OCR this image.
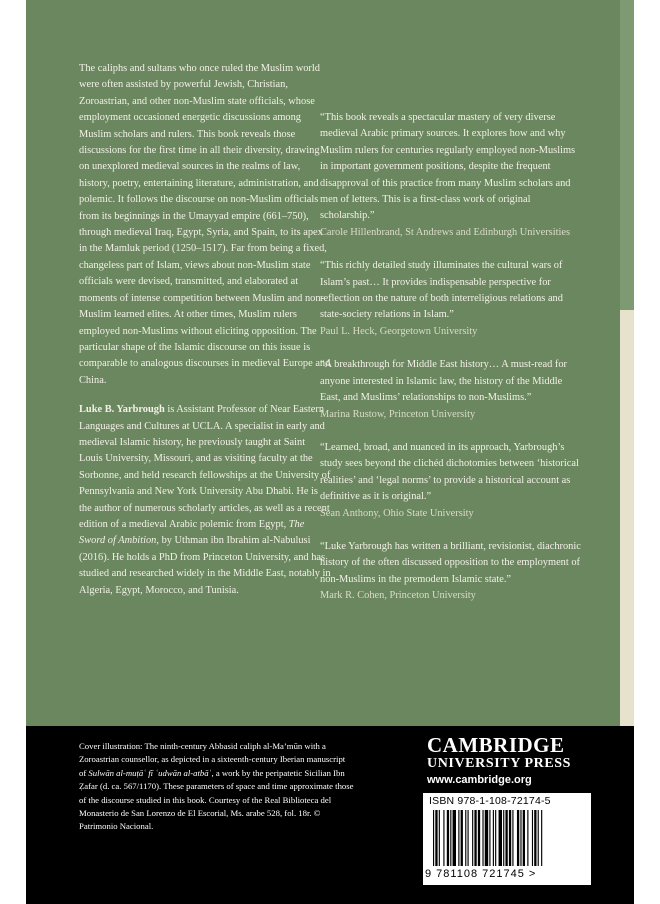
The caliphs and sultans who once ruled the Muslim world were often assisted by powerful Jewish, Christian, Zoroastrian, and other non-Muslim state officials, whose employment occasioned energetic discussions among Muslim scholars and rulers. This book reveals those discussions for the first time in all their diversity, drawing on unexplored medieval sources in the realms of law, history, poetry, entertaining literature, administration, and polemic. It follows the discourse on non-Muslim officials from its beginnings in the Umayyad empire (661–750), through medieval Iraq, Egypt, Syria, and Spain, to its apex in the Mamluk period (1250–1517). Far from being a fixed, changeless part of Islam, views about non-Muslim state officials were devised, transmitted, and elaborated at moments of intense competition between Muslim and non-Muslim learned elites. At other times, Muslim rulers employed non-Muslims without eliciting opposition. The particular shape of the Islamic discourse on this issue is comparable to analogous discourses in medieval Europe and China.

Luke B. Yarbrough is Assistant Professor of Near Eastern Languages and Cultures at UCLA. A specialist in early and medieval Islamic history, he previously taught at Saint Louis University, Missouri, and as visiting faculty at the Sorbonne, and held research fellowships at the University of Pennsylvania and New York University Abu Dhabi. He is the author of numerous scholarly articles, as well as a recent edition of a medieval Arabic polemic from Egypt, The Sword of Ambition, by Uthman ibn Ibrahim al-Nabulusi (2016). He holds a PhD from Princeton University, and has studied and researched widely in the Middle East, notably in Algeria, Egypt, Morocco, and Tunisia.

“This book reveals a spectacular mastery of very diverse medieval Arabic primary sources. It explores how and why Muslim rulers for centuries regularly employed non-Muslims in important government positions, despite the frequent disapproval of this practice from many Muslim scholars and men of letters. This is a first-class work of original scholarship.”
Carole Hillenbrand, St Andrews and Edinburgh Universities
“This richly detailed study illuminates the cultural wars of Islam’s past… It provides indispensable perspective for reflection on the nature of both interreligious relations and state-society relations in Islam.”
Paul L. Heck, Georgetown University
“A breakthrough for Middle East history… A must-read for anyone interested in Islamic law, the history of the Middle East, and Muslims’ relationships to non-Muslims.”
Marina Rustow, Princeton University
“Learned, broad, and nuanced in its approach, Yarbrough’s study sees beyond the clichéd dichotomies between ‘historical realities’ and ‘legal norms’ to provide a historical account as definitive as it is original.”
Sean Anthony, Ohio State University
“Luke Yarbrough has written a brilliant, revisionist, diachronic history of the often discussed opposition to the employment of non-Muslims in the premodern Islamic state.”
Mark R. Cohen, Princeton University
Cover illustration: The ninth-century Abbasid caliph al-Ma’mūn with a Zoroastrian counsellor, as depicted in a sixteenth-century Iberian manuscript of Sulwān al-muṭāʿ fī ʿudwān al-atbāʿ, a work by the peripatetic Sicilian Ibn Ẓafar (d. ca. 567/1170). These parameters of space and time approximate those of the discourse studied in this book. Courtesy of the Real Biblioteca del Monasterio de San Lorenzo de El Escorial, Ms. arabe 528, fol. 18r. © Patrimonio Nacional.
CAMBRIDGE
UNIVERSITY PRESS
www.cambridge.org
ISBN 978-1-108-72174-5
9 781108 721745 >
